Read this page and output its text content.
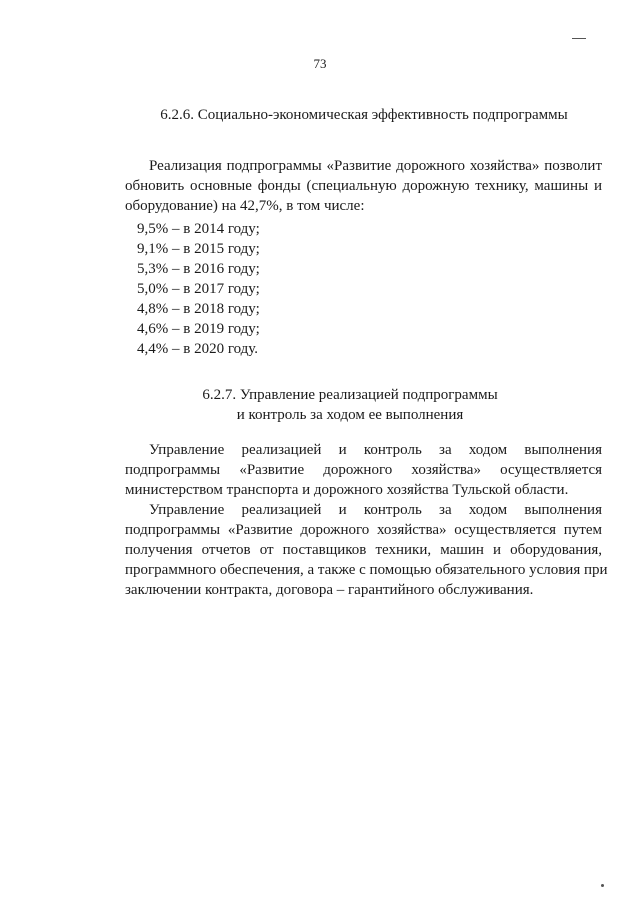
73
6.2.6. Социально-экономическая эффективность подпрограммы
Реализация подпрограммы «Развитие дорожного хозяйства» позволит
обновить основные фонды (специальную дорожную технику, машины и
оборудование) на 42,7%, в том числе:
9,5% – в 2014 году;
9,1% – в 2015 году;
5,3% – в 2016 году;
5,0% – в 2017 году;
4,8% – в 2018 году;
4,6% – в 2019 году;
4,4% – в 2020 году.
6.2.7. Управление реализацией подпрограммы
и контроль за ходом ее выполнения
Управление реализацией и контроль за ходом выполнения
подпрограммы «Развитие дорожного хозяйства» осуществляется
министерством транспорта и дорожного хозяйства Тульской области.
Управление реализацией и контроль за ходом выполнения
подпрограммы «Развитие дорожного хозяйства» осуществляется путем
получения отчетов от поставщиков техники, машин и оборудования,
программного обеспечения, а также с помощью обязательного условия при
заключении контракта, договора – гарантийного обслуживания.
